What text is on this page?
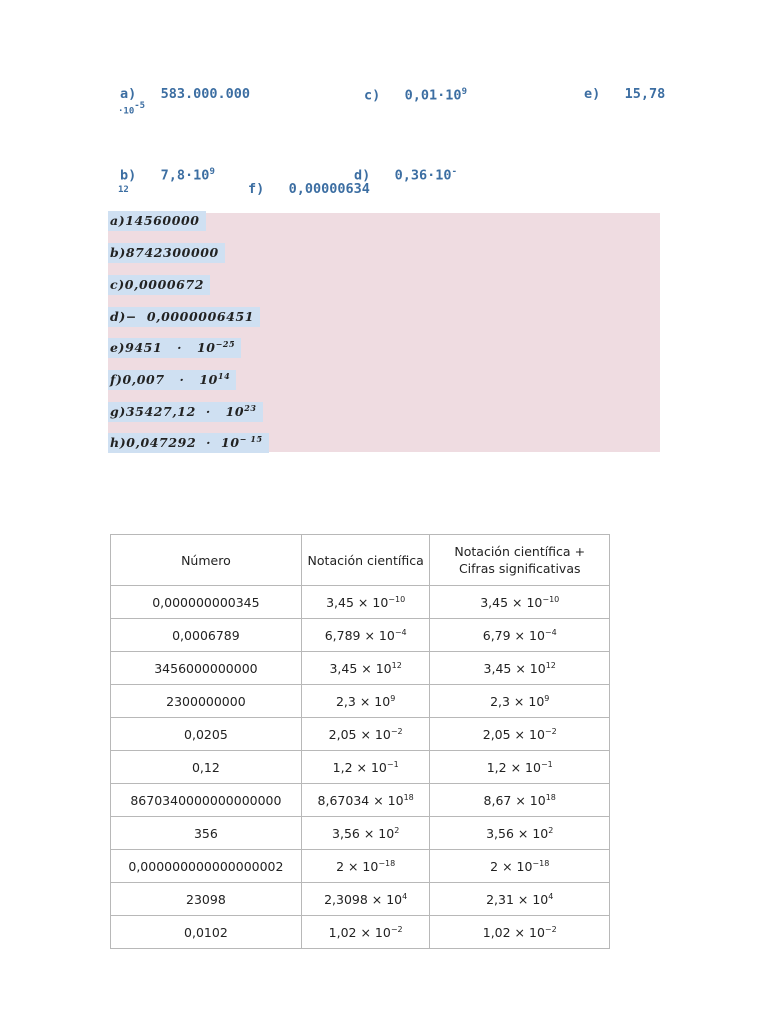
a) 583.000.000	c) $0,01\cdot 10^9$	e) 15,78
$\cdot 10^{-5}$
b) $7,8\cdot 10^9$	d) 0,36·10-
12	f) 0,00000634
a)14560000
b)8742300000
c)0,0000672
d)−  0,0000006451
$e)9451 \cdot 10^{-25}$
$f)0,007 \cdot 10^{14}$
$g)35427,12 \cdot 10^{23}$
$h)0,047292 \cdot 10^{- 15}$
Número	Notación científica	Notación científica +
Cifras significativas
0,000000000345	$3,45 \times 10^{-10}$	$3,45 \times 10^{-10}$
0,0006789	$6,789 \times 10^{-4}$	$6,79 \times 10^{-4}$
3456000000000	$3,45 \times 10^{12}$	$3,45 \times 10^{12}$
2300000000	$2,3 \times 10^9$	$2,3 \times 10^9$
0,0205	$2,05 \times 10^{-2}$	$2,05 \times 10^{-2}$
0,12	$1,2 \times 10^{-1}$	$1,2 \times 10^{-1}$
8670340000000000000	$8,67034 \times 10^{18}$	$8,67 \times 10^{18}$
356	$3,56 \times 10^2$	$3,56 \times 10^2$
0,000000000000000002	$2 \times 10^{-18}$	$2 \times 10^{-18}$
23098	$2,3098 \times 10^4$	$2,31 \times 10^4$
0,0102	$1,02 \times 10^{-2}$	$1,02 \times 10^{-2}$
